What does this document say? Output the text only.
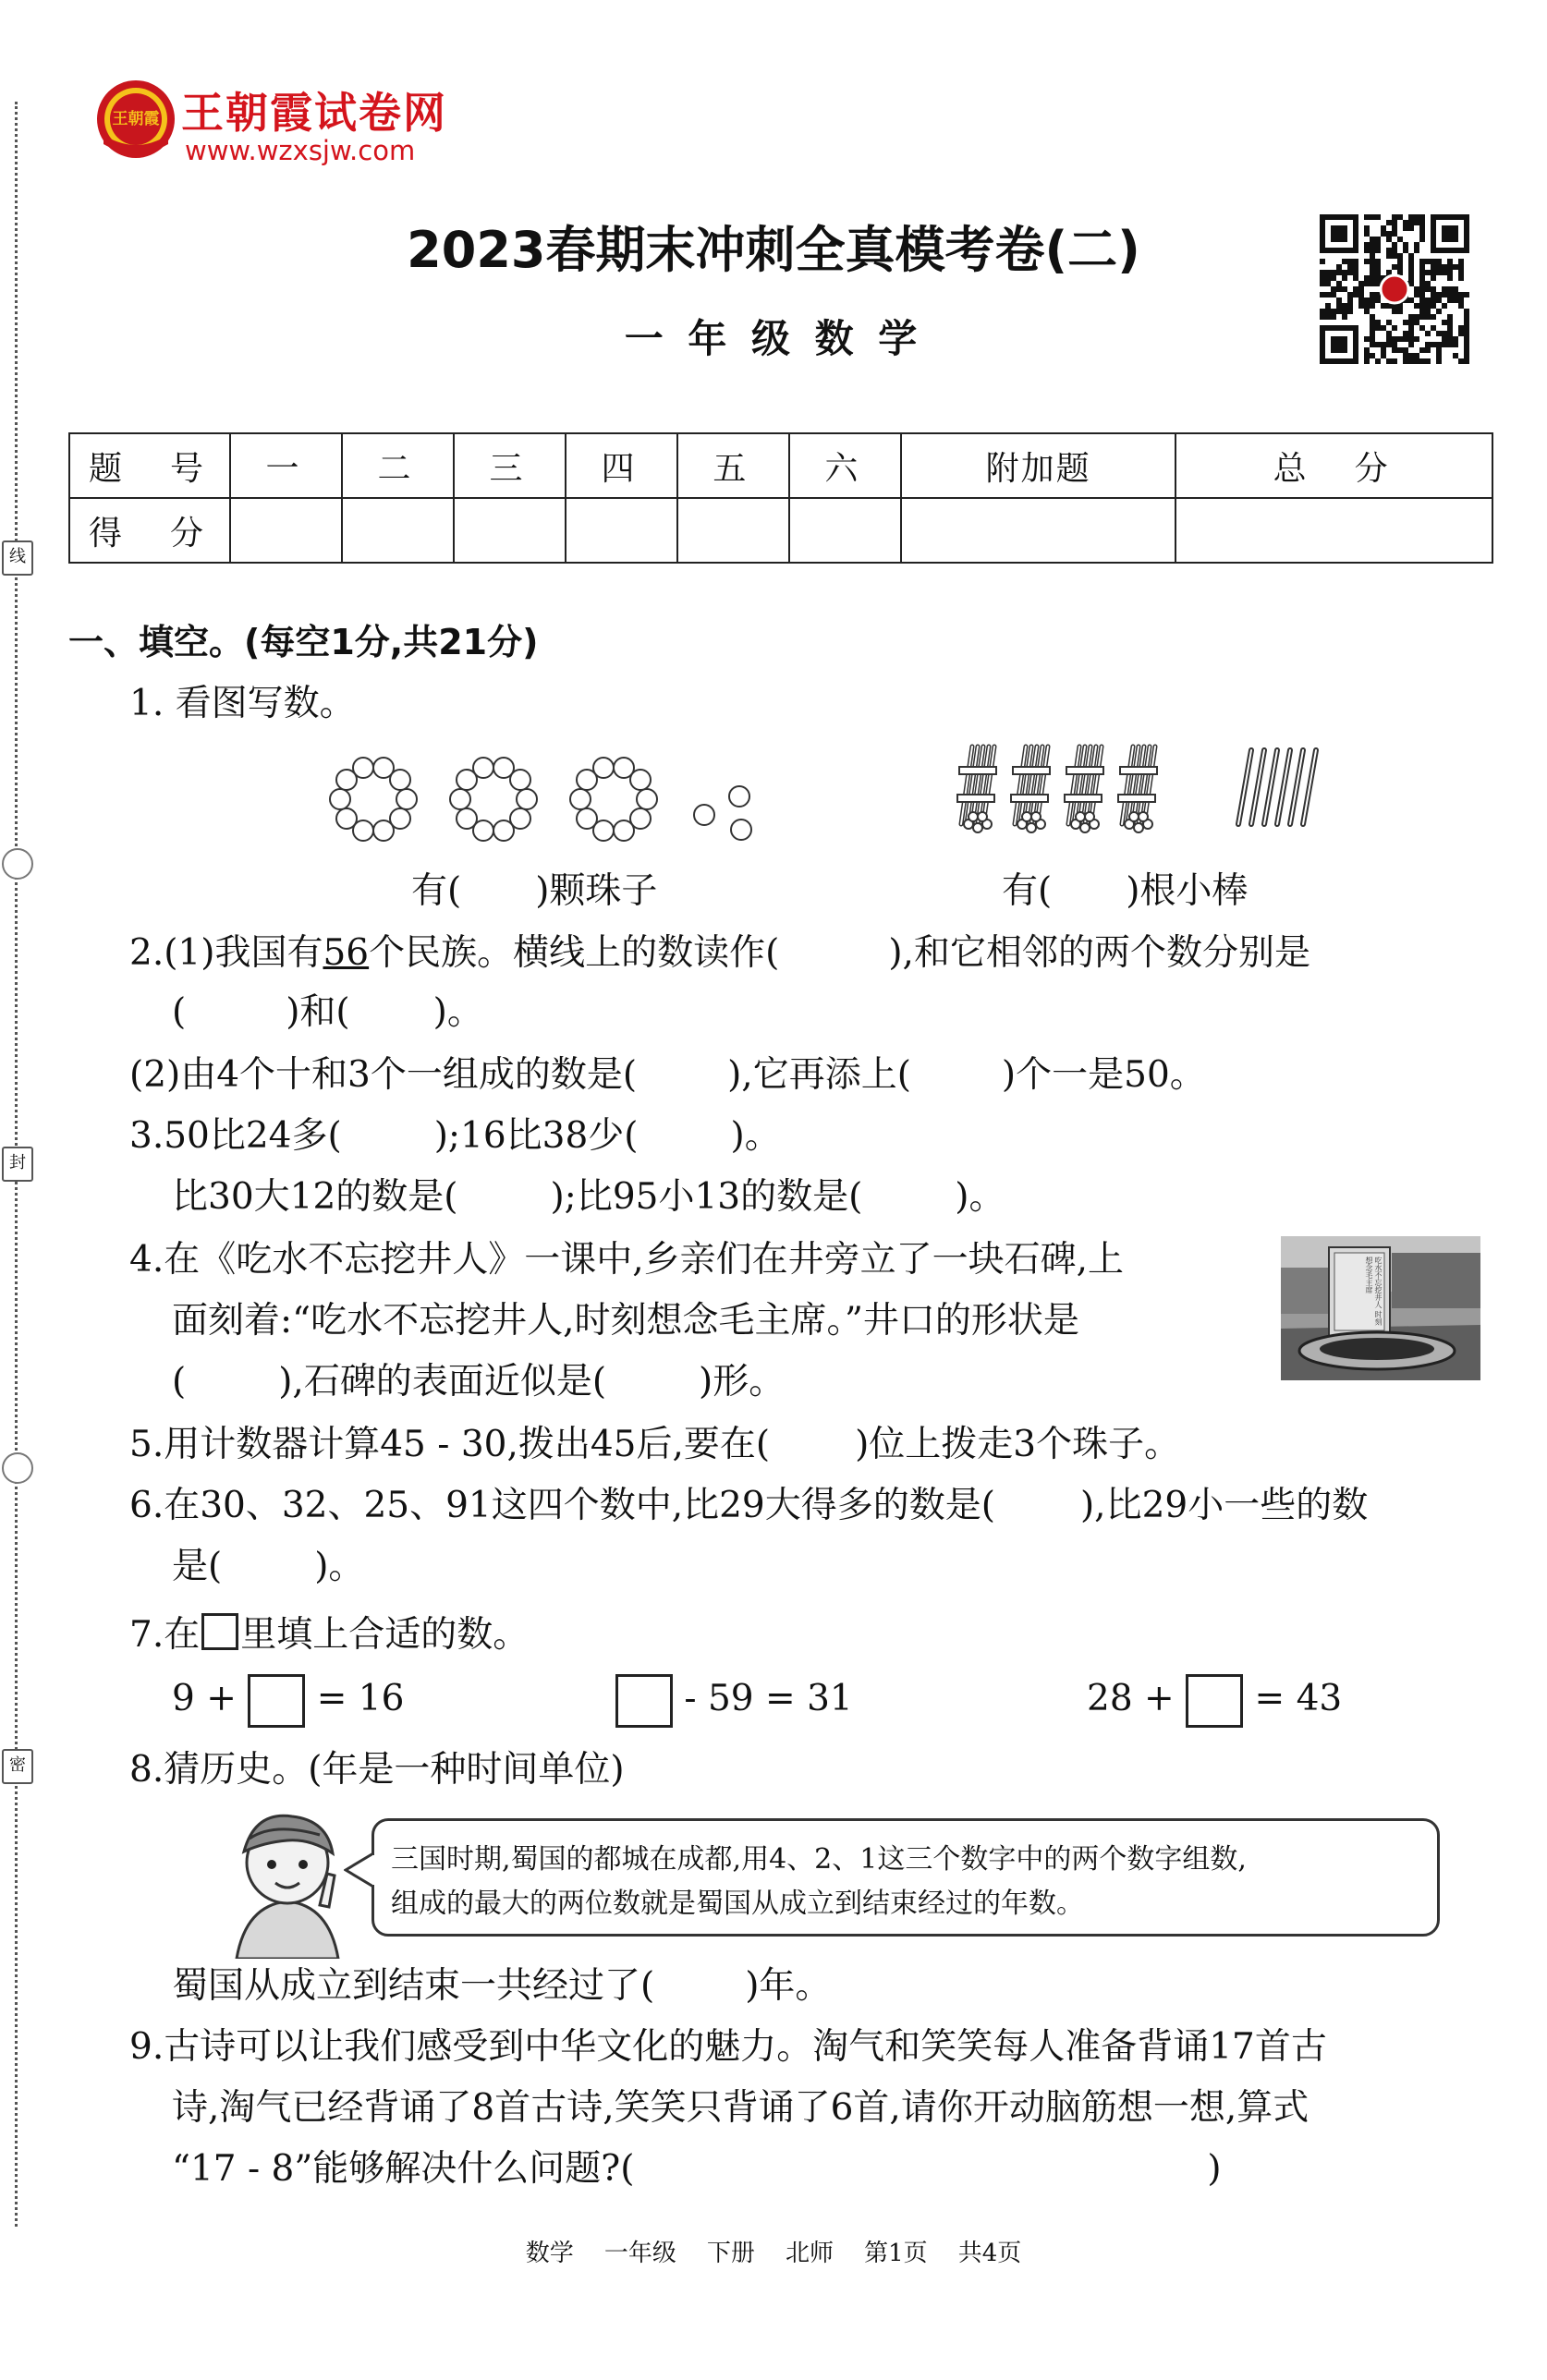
线
封
密
王朝霞 王朝霞试卷网
www.wzxsjw.com
2023春期末冲刺全真模考卷(二)
一 年 级 数 学
题　号	一	二	三	四	五	六	附加题	总　分
得　分								
一、填空。(每空1分,共21分)
1. 看图写数。
有( )颗珠子	有( )根小棒
2.(1)我国有56个民族。横线上的数读作(	),和它相邻的两个数分别是
(	)和( )。
(2)由4个十和3个一组成的数是(	),它再添上(	)个一是50。
3.50比24多(	);16比38少(	)。
比30大12的数是(	);比95小13的数是(	)。
4.在《吃水不忘挖井人》一课中,乡亲们在井旁立了一块石碑,上
面刻着:“吃水不忘挖井人,时刻想念毛主席。”井口的形状是
(	),石碑的表面近似是(	)形。
吃水不忘挖井人 时刻想念毛主席
5.用计数器计算45 - 30,拨出45后,要在( )位上拨走3个珠子。
6.在30、32、25、91这四个数中,比29大得多的数是( ),比29小一些的数
是(	)。
7.在 里填上合适的数。
9 + = 16	- 59 = 31	28 + = 43
8.猜历史。(年是一种时间单位)
三国时期,蜀国的都城在成都,用4、2、1这三个数字中的两个数字组数,
组成的最大的两位数就是蜀国从成立到结束经过的年数。
蜀国从成立到结束一共经过了(	)年。
9.古诗可以让我们感受到中华文化的魅力。淘气和笑笑每人准备背诵17首古
诗,淘气已经背诵了8首古诗,笑笑只背诵了6首,请你开动脑筋想一想,算式
“17 - 8”能够解决什么问题?(	)
数学 一年级 下册 北师 第1页 共4页
